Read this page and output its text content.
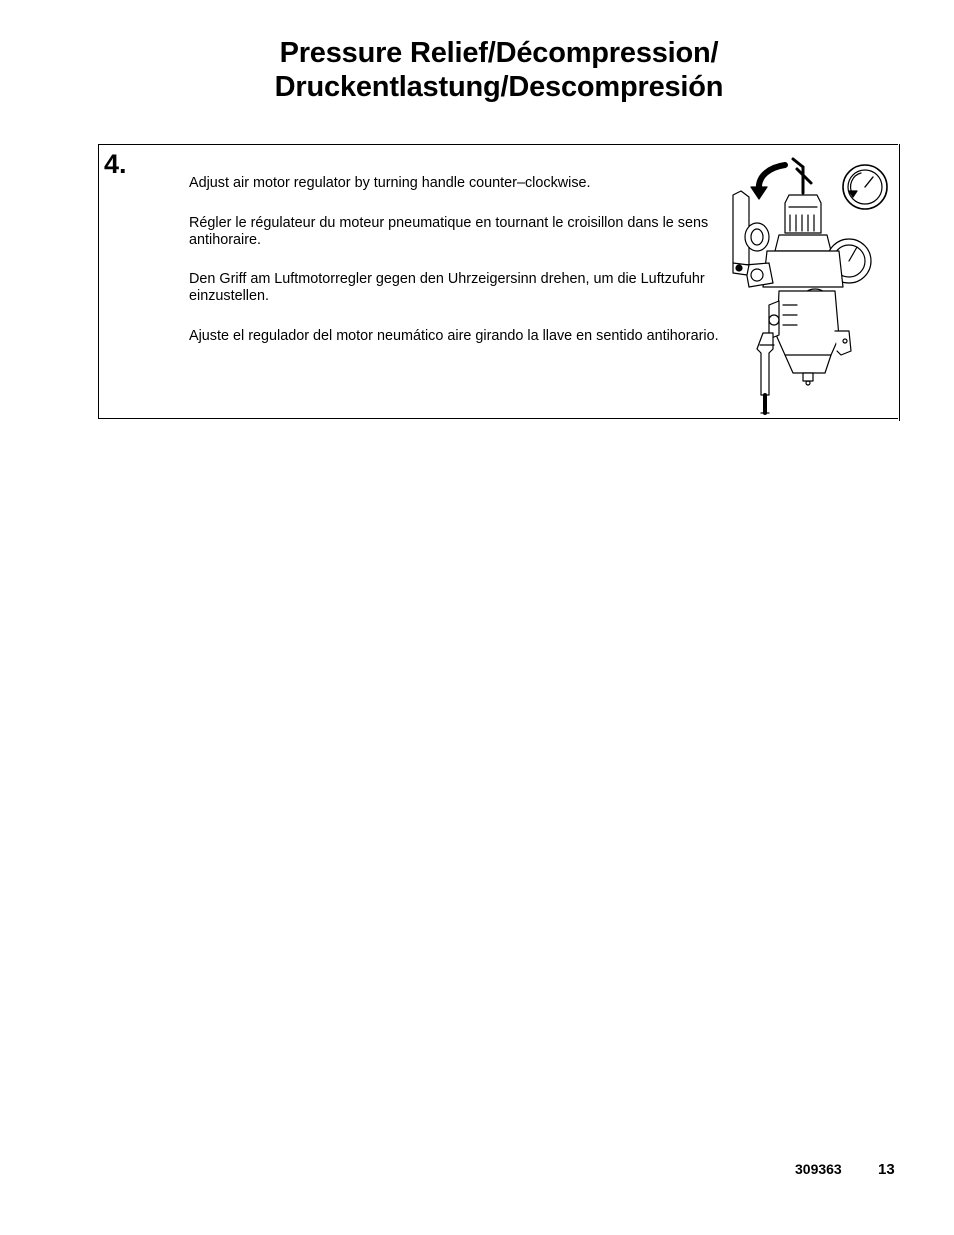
Pressure Relief/Décompression/
Druckentlastung/Descompresión
4.
Adjust air motor regulator by turning handle counter–clockwise.
Régler le régulateur du moteur pneumatique en tournant le croisillon dans le sens antihoraire.
Den Griff am Luftmotorregler gegen den Uhrzeigersinn drehen, um die Luftzufuhr einzustellen.
Ajuste el regulador del motor neumático aire girando la llave en sentido antihorario.
309363 13
